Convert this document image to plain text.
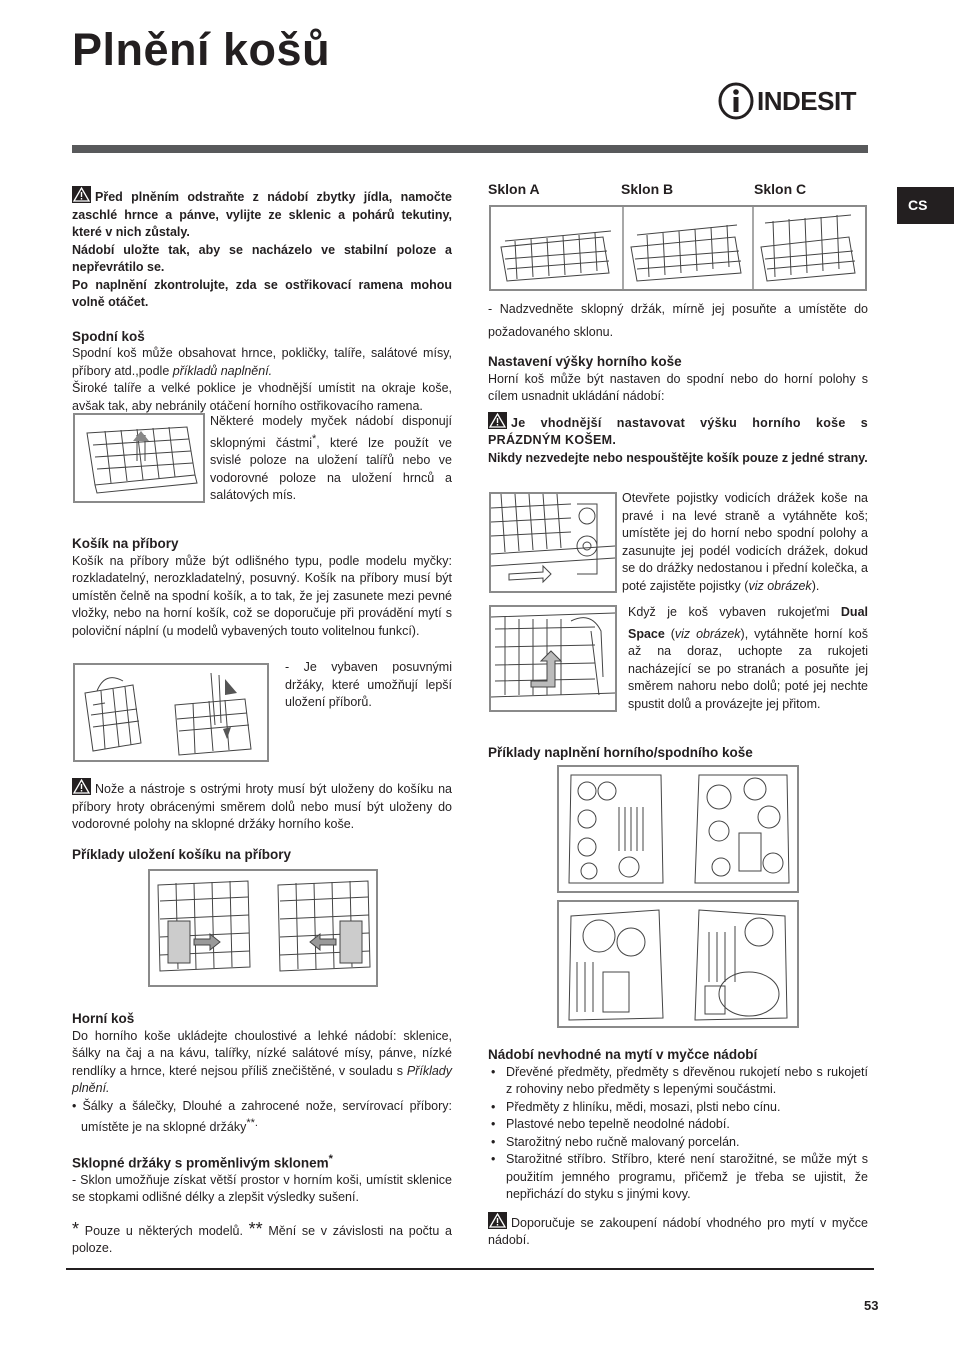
Plnění košů
INDESIT
CS

Před plněním odstraňte z nádobí zbytky jídla, namočte zaschlé hrnce a pánve, vylijte ze sklenic a pohárů tekutiny, které v nich zůstaly.

Nádobí uložte tak, aby se nacházelo ve stabilní poloze a nepřevrátilo se.

Po naplnění zkontrolujte, zda se ostřikovací ramena mohou volně otáčet.

Spodní koš

Spodní koš může obsahovat hrnce, pokličky, talíře, salátové mísy, příbory atd.,podle příkladů naplnění.

Široké talíře a velké poklice je vhodnější umístit na okraje koše, avšak tak, aby nebránily otáčení horního ostřikovacího ramena.

Některé modely myček nádobí disponují sklopnými částmi*, které lze použít ve svislé poloze na uložení talířů nebo ve vodorovné poloze na uložení hrnců a salátových mís.

Košík na příbory

Košík na příbory může být odlišného typu, podle modelu myčky: rozkladatelný, nerozkladatelný, posuvný. Košík na příbory musí být umístěn čelně na spodní košík, a to tak, že jej zasunete mezi pevné vložky, nebo na horní košík, což se doporučuje při provádění mytí s poloviční náplní (u modelů vybavených touto volitelnou funkcí).

- Je vybaven posuvnými držáky, které umožňují lepší uložení příborů.
Nože a nástroje s ostrými hroty musí být uloženy do košíku na příbory hroty obrácenými směrem dolů nebo musí být uloženy do vodorovné polohy na sklopné držáky horního koše.

Příklady uložení košíku na příbory

Horní koš

Do horního koše ukládejte choulostivé a lehké nádobí: sklenice, šálky na čaj a na kávu, talířky, nízké salátové mísy, pánve, nízké rendlíky a hrnce, které nejsou příliš znečištěné, v souladu s Příklady plnění.

• Šálky a šálečky, Dlouhé a zahrocené nože, servírovací příbory: umístěte je na sklopné držáky**.

Sklopné držáky s proměnlivým sklonem*

- Sklon umožňuje získat větší prostor v horním koši, umístit sklenice se stopkami odlišné délky a zlepšit výsledky sušení.

* Pouze u některých modelů. ** Mění se v závislosti na počtu a poloze.

Sklon A	Sklon B	Sklon C
- Nadzvedněte sklopný držák, mírně jej posuňte a umístěte do požadovaného sklonu.

Nastavení výšky horního koše

Horní koš může být nastaven do spodní nebo do horní polohy s cílem usnadnit ukládání nádobí:

Je vhodnější nastavovat výšku horního koše s PRÁZDNÝM KOŠEM.

Nikdy nezvedejte nebo nespouštějte košík pouze z jedné strany.

Otevřete pojistky vodicích drážek koše na pravé i na levé straně a vytáhněte koš; umístěte jej do horní nebo spodní polohy a zasunujte jej podél vodicích drážek, dokud se do drážky nedostanou i přední kolečka, a poté zajistěte pojistky (viz obrázek).
Když je koš vybaven rukojeťmi Dual Space (viz obrázek), vytáhněte horní koš až na doraz, uchopte za rukojeti nacházející se po stranách a posuňte jej směrem nahoru nebo dolů; poté jej nechte spustit dolů a provázejte jej přitom.

Příklady naplnění horního/spodního koše

Nádobí nevhodné na mytí v myčce nádobí

• Dřevěné předměty, předměty s dřevěnou rukojetí nebo s rukojetí z rohoviny nebo předměty s lepenými součástmi.
• Předměty z hliníku, mědi, mosazi, plsti nebo cínu.
• Plastové nebo tepelně neodolné nádobí.
• Starožitný nebo ručně malovaný porcelán.
• Starožitné stříbro. Stříbro, které není starožitné, se může mýt s použitím jemného programu, přičemž je třeba se ujistit, že nepřichází do styku s jinými kovy.

Doporučuje se zakoupení nádobí vhodného pro mytí v myčce nádobí.

53
